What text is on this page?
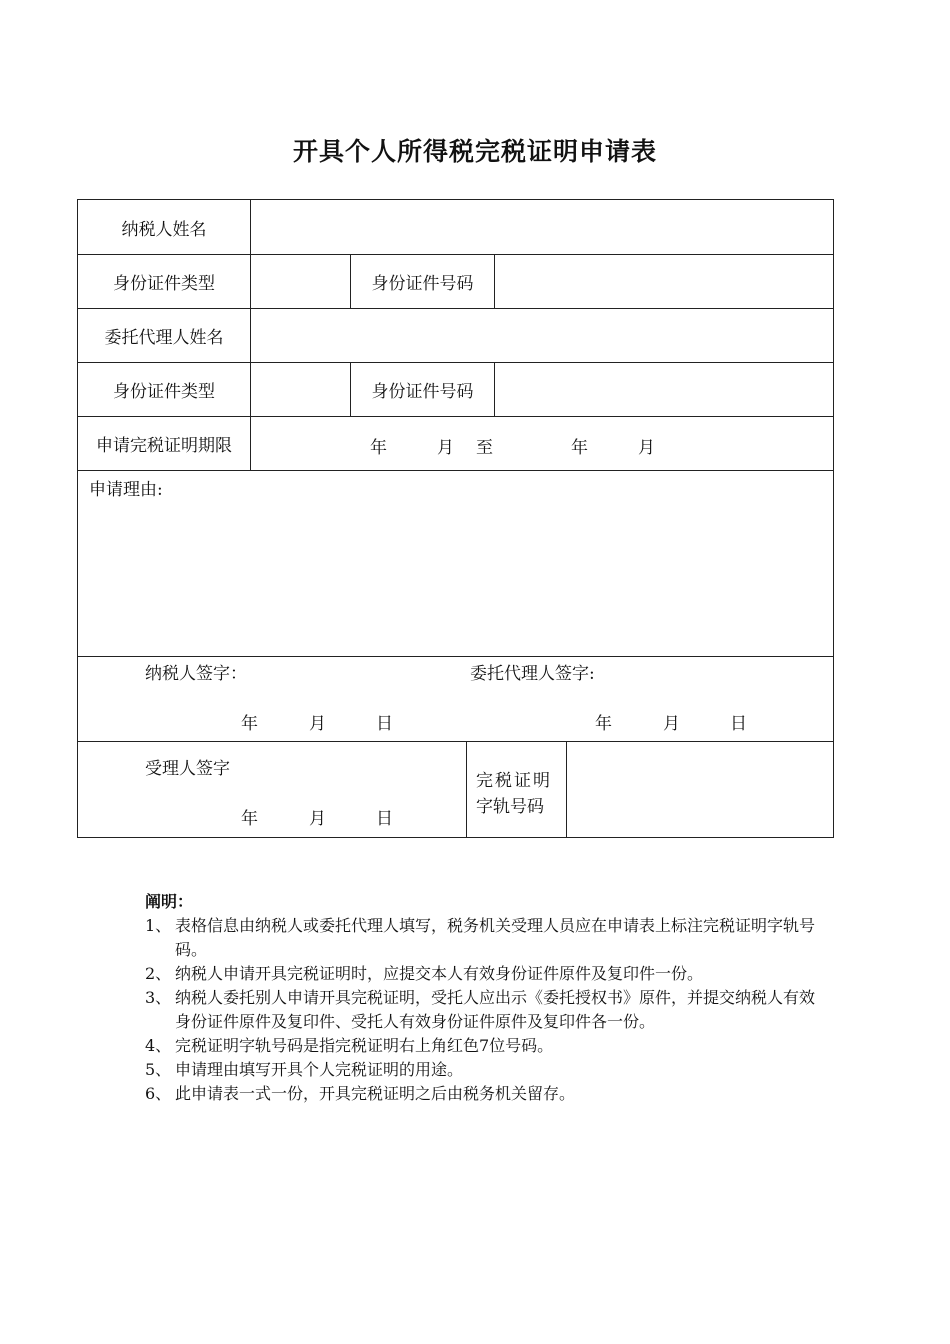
开具个人所得税完税证明申请表
纳税人姓名
身份证件类型	身份证件号码
委托代理人姓名
身份证件类型	身份证件号码
申请完税证明期限	年	月 至	年	月
申请理由:
纳税人签字：	委托代理人签字:
年	月	日	年	月	日
受理人签字
年	月	日
完税证明
字轨号码
阐明：
1、 表格信息由纳税人或委托代理人填写，税务机关受理人员应在申请表上标注完税证明字轨号码。
2、 纳税人申请开具完税证明时，应提交本人有效身份证件原件及复印件一份。
3、 纳税人委托别人申请开具完税证明，受托人应出示《委托授权书》原件，并提交纳税人有效身份证件原件及复印件、受托人有效身份证件原件及复印件各一份。
4、 完税证明字轨号码是指完税证明右上角红色7位号码。
5、 申请理由填写开具个人完税证明的用途。
6、 此申请表一式一份，开具完税证明之后由税务机关留存。
